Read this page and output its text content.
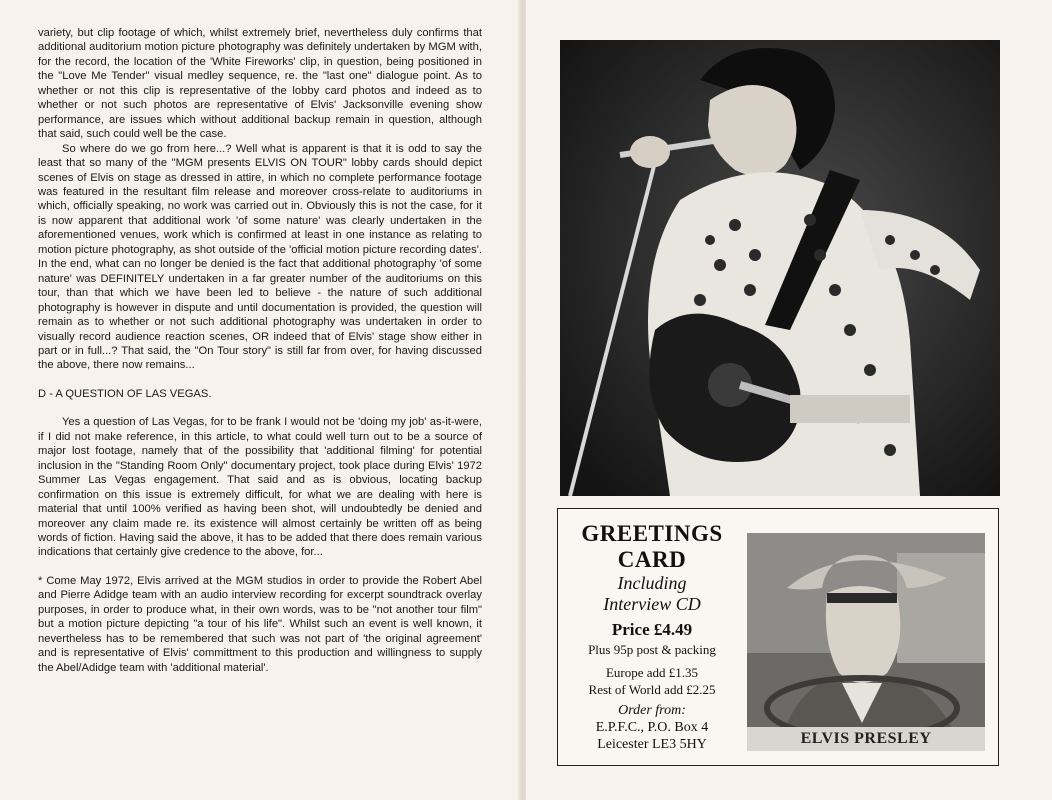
variety, but clip footage of which, whilst extremely brief, nevertheless duly confirms that additional auditorium motion picture photography was definitely undertaken by MGM with, for the record, the location of the 'White Fireworks' clip, in question, being positioned in the "Love Me Tender" visual medley sequence, re. the "last one" dialogue point. As to whether or not this clip is representative of the lobby card photos and indeed as to whether or not such photos are representative of Elvis' Jacksonville evening show performance, are issues which without additional backup remain in question, although that said, such could well be the case.

So where do we go from here...? Well what is apparent is that it is odd to say the least that so many of the "MGM presents ELVIS ON TOUR" lobby cards should depict scenes of Elvis on stage as dressed in attire, in which no complete performance footage was featured in the resultant film release and moreover cross-relate to auditoriums in which, officially speaking, no work was carried out in. Obviously this is not the case, for it is now apparent that additional work 'of some nature' was clearly undertaken in the aforementioned venues, work which is confirmed at least in one instance as relating to motion picture photography, as shot outside of the 'official motion picture recording dates'. In the end, what can no longer be denied is the fact that additional photography 'of some nature' was DEFINITELY undertaken in a far greater number of the auditoriums on this tour, than that which we have been led to believe - the nature of such additional photography is however in dispute and until documentation is provided, the question will remain as to whether or not such additional photography was undertaken in order to visually record audience reaction scenes, OR indeed that of Elvis' stage show either in part or in full...? That said, the "On Tour story" is still far from over, for having discussed the above, there now remains...

D - A QUESTION OF LAS VEGAS.

Yes a question of Las Vegas, for to be frank I would not be 'doing my job' as-it-were, if I did not make reference, in this article, to what could well turn out to be a source of major lost footage, namely that of the possibility that 'additional filming' for potential inclusion in the "Standing Room Only" documentary project, took place during Elvis' 1972 Summer Las Vegas engagement. That said and as is obvious, locating backup confirmation on this issue is extremely difficult, for what we are dealing with here is material that until 100% verified as having been shot, will undoubtedly be denied and moreover any claim made re. its existence will almost certainly be written off as being words of fiction. Having said the above, it has to be added that there does remain various indications that certainly give credence to the above, for...

* Come May 1972, Elvis arrived at the MGM studios in order to provide the Robert Abel and Pierre Adidge team with an audio interview recording for excerpt soundtrack overlay purposes, in order to produce what, in their own words, was to be "not another tour film" but a motion picture depicting "a tour of his life". Whilst such an event is well known, it nevertheless has to be remembered that such was not part of 'the original agreement' and is representative of Elvis' committment to this production and willingness to supply the Abel/Adidge team with 'additional material'.

GREETINGS
CARD
Including
Interview CD
Price £4.49
Plus 95p post & packing
Europe add £1.35
Rest of World add £2.25
Order from:
E.P.F.C., P.O. Box 4
Leicester LE3 5HY	ELVIS PRESLEY
